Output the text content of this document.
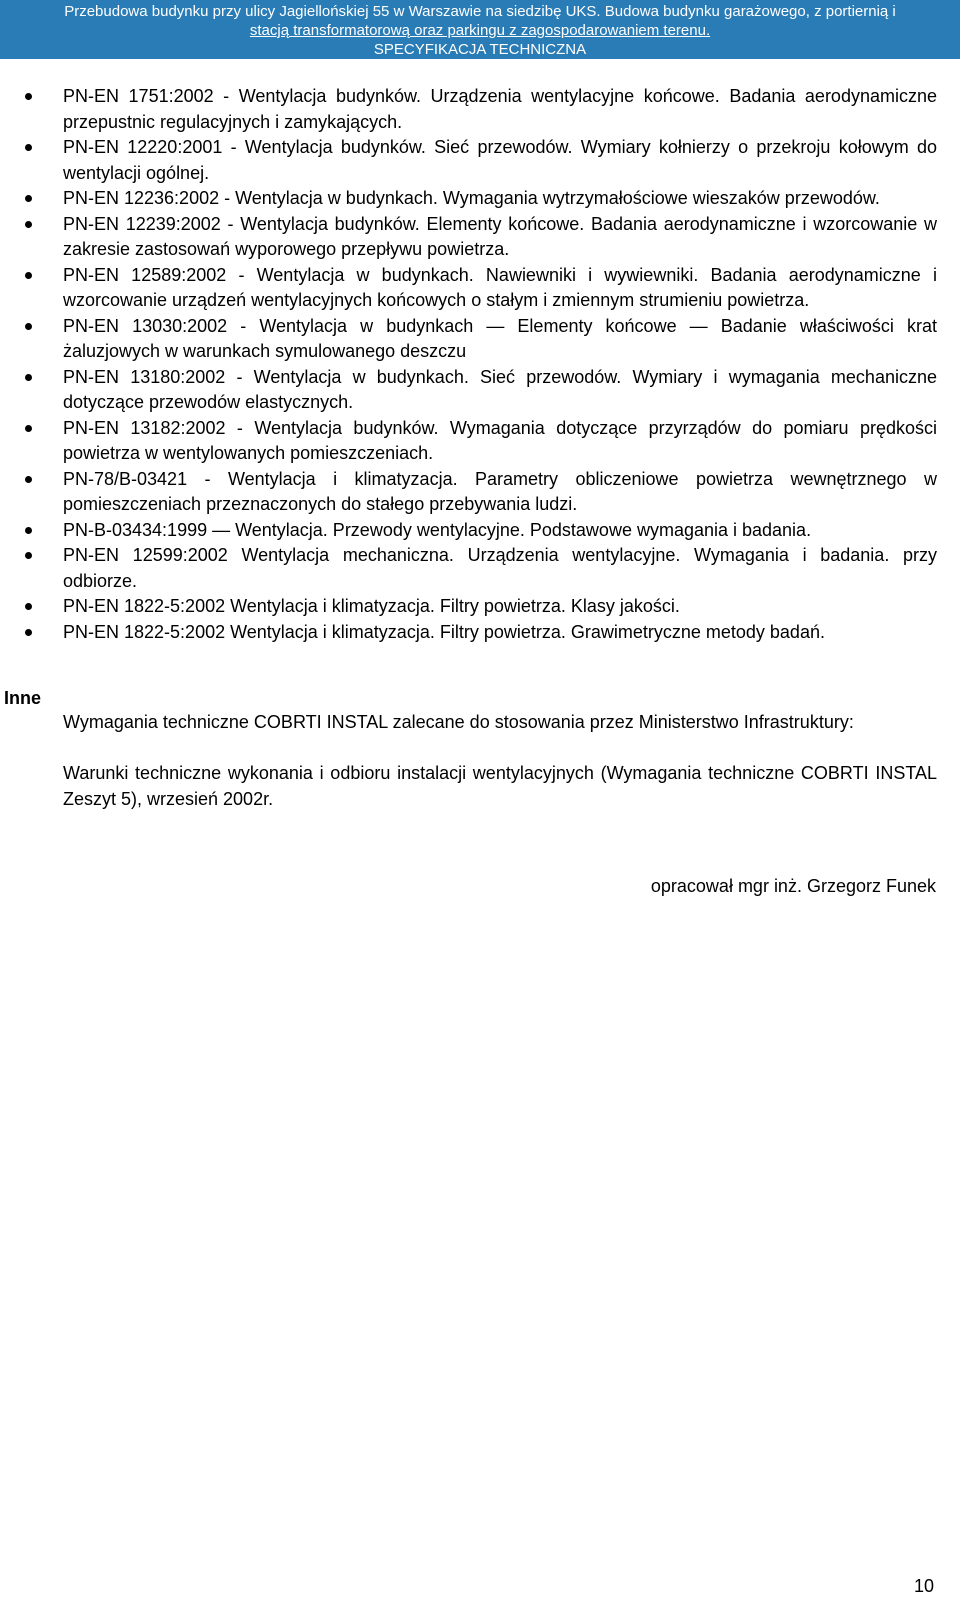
Przebudowa budynku przy ulicy Jagiellońskiej 55 w Warszawie na siedzibę UKS. Budowa budynku garażowego, z portiernią i
stacją transformatorową oraz parkingu z zagospodarowaniem terenu.
SPECYFIKACJA TECHNICZNA
PN-EN 1751:2002 - Wentylacja budynków. Urządzenia wentylacyjne końcowe. Badania aerodynamiczne przepustnic regulacyjnych i zamykających.
PN-EN 12220:2001 - Wentylacja budynków. Sieć przewodów. Wymiary kołnierzy o przekroju kołowym do wentylacji ogólnej.
PN-EN 12236:2002 - Wentylacja w budynkach. Wymagania wytrzymałościowe wieszaków przewodów.
PN-EN 12239:2002 - Wentylacja budynków. Elementy końcowe. Badania aerodynamiczne i wzorcowanie w zakresie zastosowań wyporowego przepływu powietrza.
PN-EN 12589:2002 - Wentylacja w budynkach. Nawiewniki i wywiewniki. Badania aerodynamiczne i wzorcowanie urządzeń wentylacyjnych końcowych o stałym i zmiennym strumieniu powietrza.
PN-EN 13030:2002 - Wentylacja w budynkach — Elementy końcowe — Badanie właściwości krat żaluzjowych w warunkach symulowanego deszczu
PN-EN 13180:2002 - Wentylacja w budynkach. Sieć przewodów. Wymiary i wymagania mechaniczne dotyczące przewodów elastycznych.
PN-EN 13182:2002 - Wentylacja budynków. Wymagania dotyczące przyrządów do pomiaru prędkości powietrza w wentylowanych pomieszczeniach.
PN-78/B-03421 - Wentylacja i klimatyzacja. Parametry obliczeniowe powietrza wewnętrznego w pomieszczeniach przeznaczonych do stałego przebywania ludzi.
PN-B-03434:1999 — Wentylacja. Przewody wentylacyjne. Podstawowe wymagania i badania.
PN-EN 12599:2002 Wentylacja mechaniczna. Urządzenia wentylacyjne. Wymagania i badania. przy odbiorze.
PN-EN 1822-5:2002 Wentylacja i klimatyzacja. Filtry powietrza. Klasy jakości.
PN-EN 1822-5:2002 Wentylacja i klimatyzacja. Filtry powietrza. Grawimetryczne metody badań.
Inne
Wymagania techniczne COBRTI INSTAL zalecane do stosowania przez Ministerstwo Infrastruktury:
Warunki techniczne wykonania i odbioru instalacji wentylacyjnych (Wymagania techniczne COBRTI INSTAL Zeszyt 5), wrzesień 2002r.
opracował mgr inż. Grzegorz Funek
10
